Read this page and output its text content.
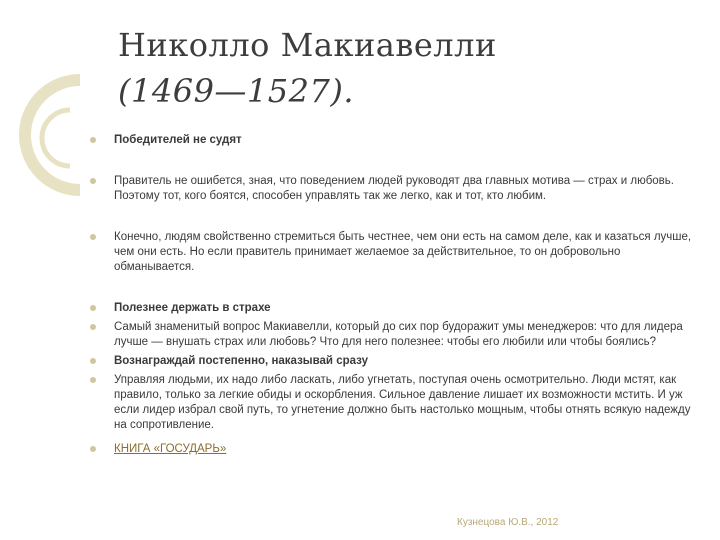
Николло Макиавелли
(1469—1527).
Победителей не судят
Правитель не ошибется, зная, что поведением людей руководят два главных мотива — страх и любовь. Поэтому тот, кого боятся, способен управлять так же легко, как и тот, кто любим.
Конечно, людям свойственно стремиться быть честнее, чем они есть на самом деле, как и казаться лучше, чем они есть. Но если правитель принимает желаемое за действительное, то он добровольно обманывается.
Полезнее держать в страхе
Самый знаменитый вопрос Макиавелли, который до сих пор будоражит умы менеджеров: что для лидера лучше — внушать страх или любовь? Что для него полезнее: чтобы его любили или чтобы боялись?
Вознаграждай постепенно, наказывай сразу
Управляя людьми, их надо либо ласкать, либо угнетать, поступая очень осмотрительно. Люди мстят, как правило, только за легкие обиды и оскорбления. Сильное давление лишает их возможности мстить. И уж если лидер избрал свой путь, то угнетение должно быть настолько мощным, чтобы отнять всякую надежду на сопротивление.
КНИГА «ГОСУДАРЬ»

Кузнецова Ю.В., 2012
